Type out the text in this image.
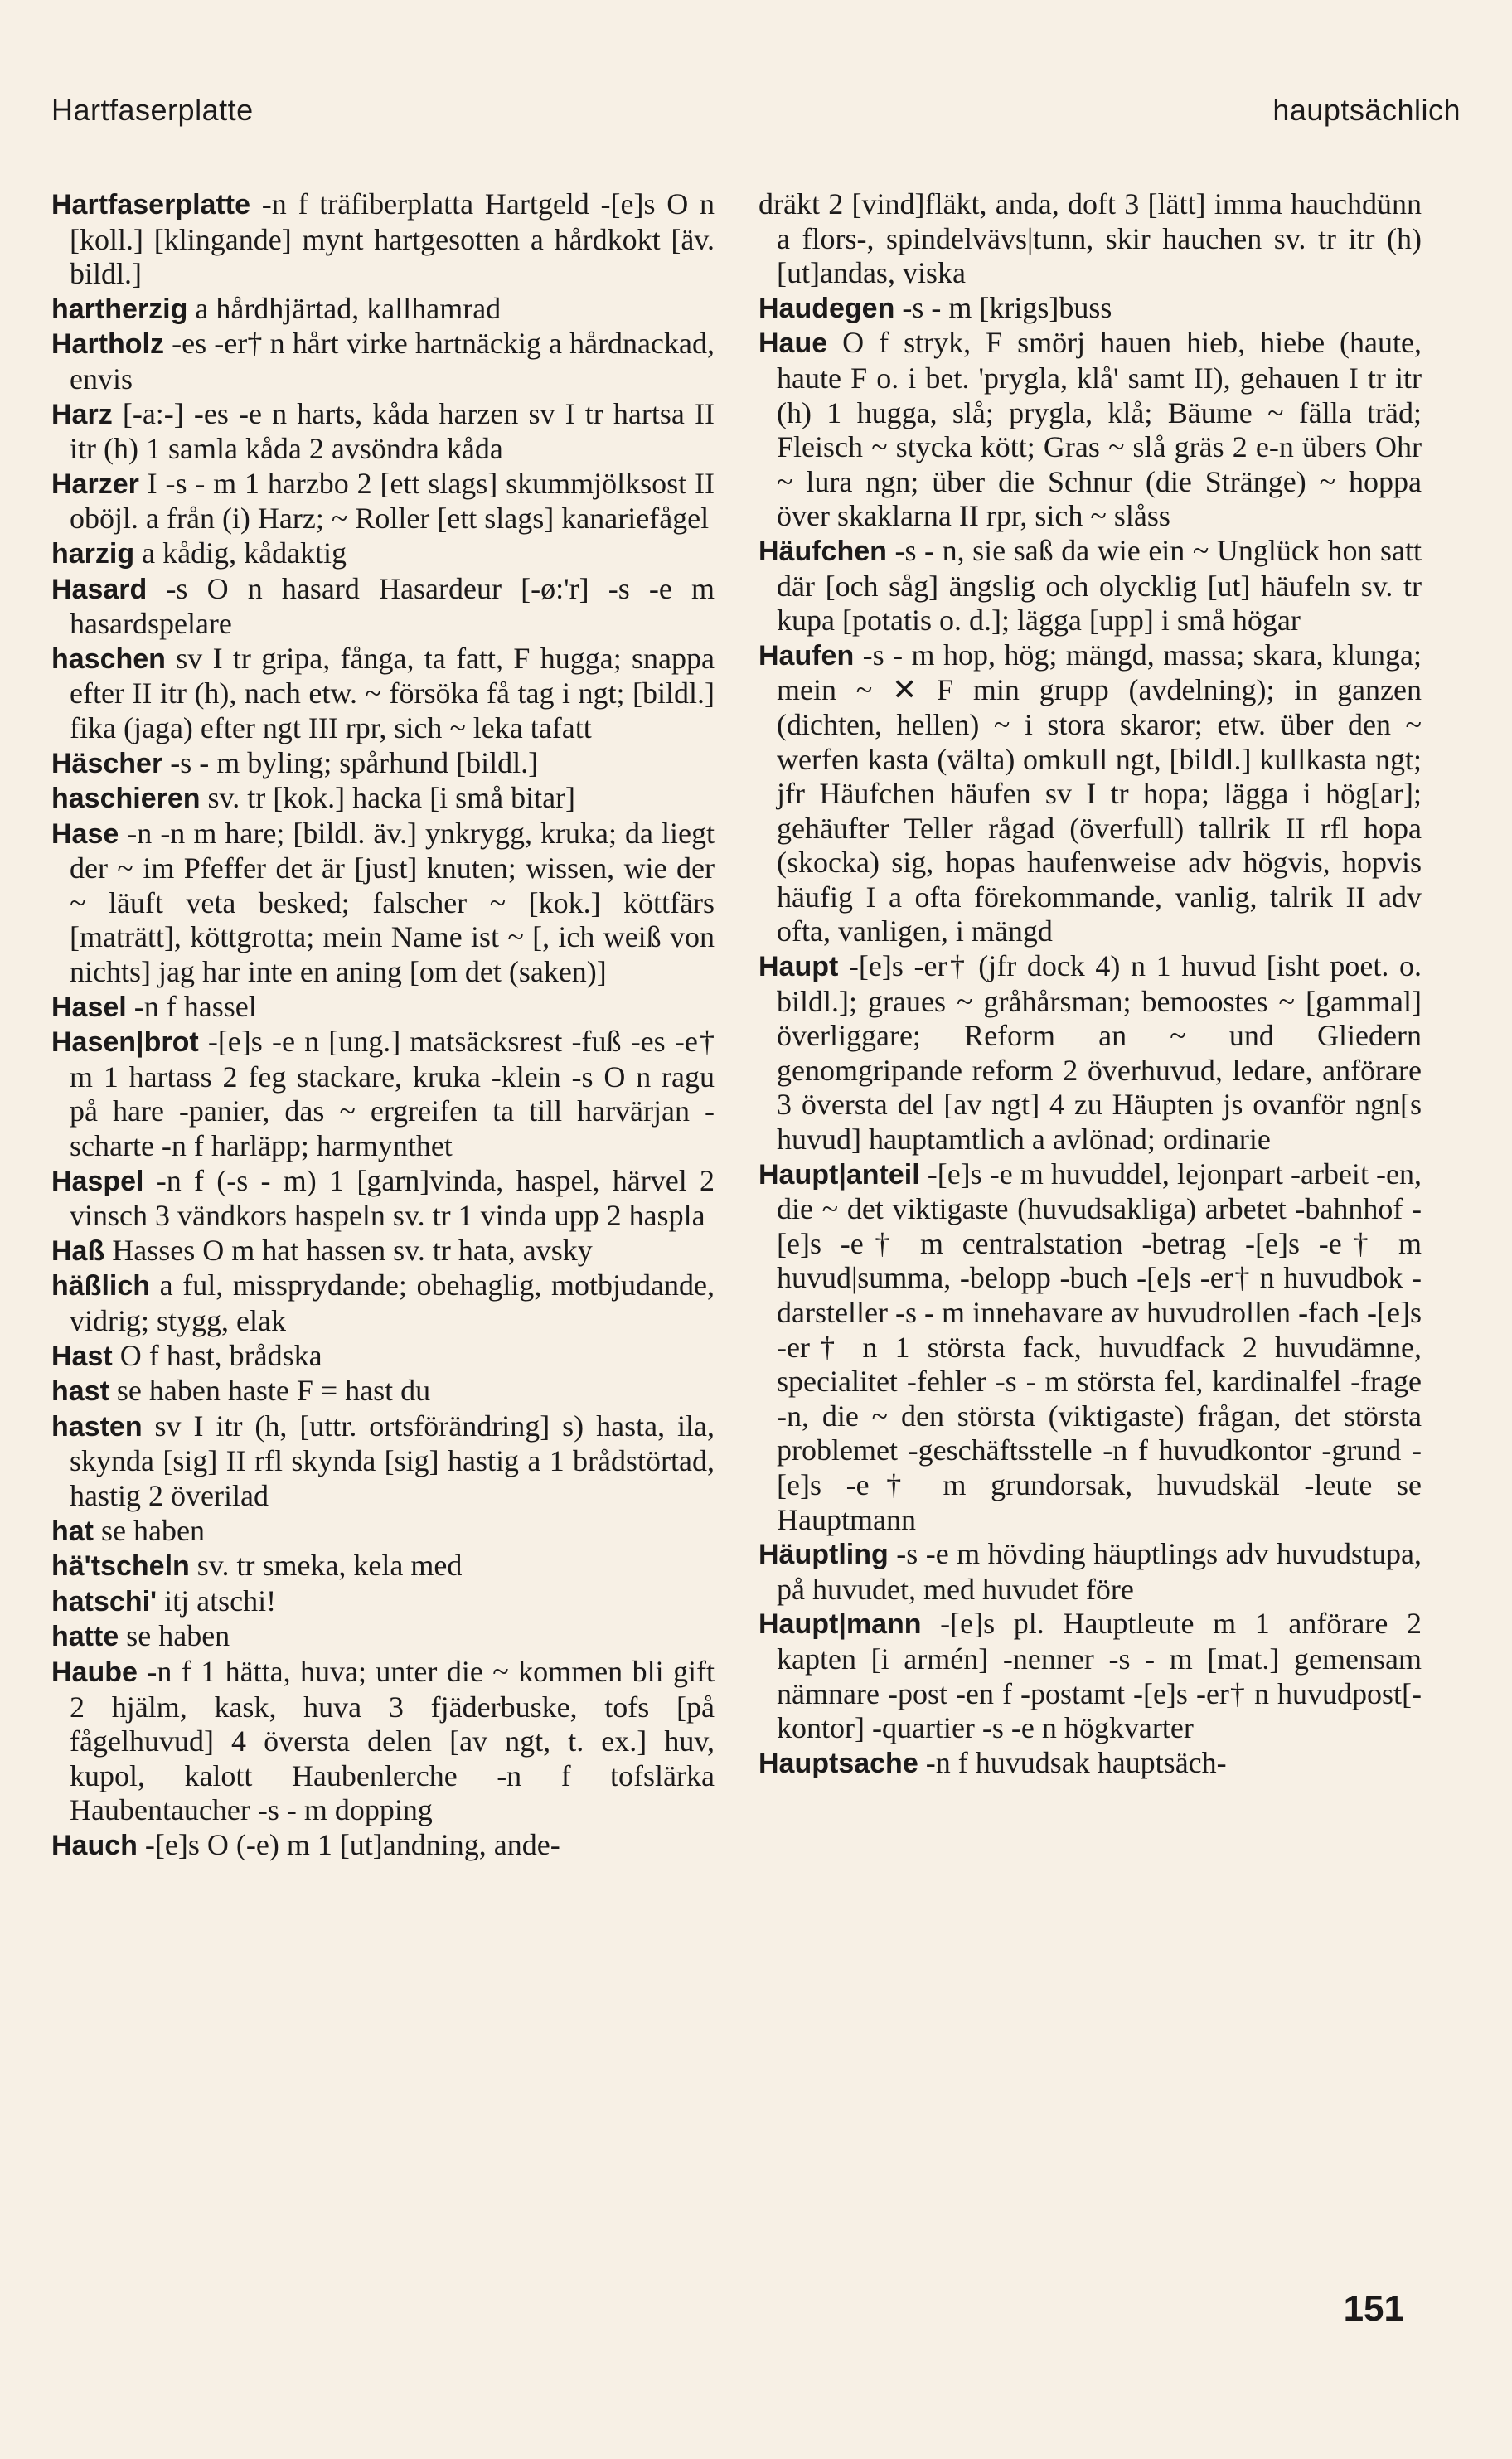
Hartfaserplatte	hauptsächlich

Hartfaserplatte -n f träfiberplatta Hartgeld -[e]s O n [koll.] [klingande] mynt hartgesotten a hårdkokt [äv. bildl.]

hartherzig a hårdhjärtad, kallhamrad

Hartholz -es -er† n hårt virke hartnäckig a hårdnackad, envis

Harz [-a:-] -es -e n harts, kåda harzen sv I tr hartsa II itr (h) 1 samla kåda 2 avsöndra kåda

Harzer I -s - m 1 harzbo 2 [ett slags] skummjölksost II oböjl. a från (i) Harz; ~ Roller [ett slags] kanariefågel

harzig a kådig, kådaktig

Hasard -s O n hasard Hasardeur [-ø:'r] -s -e m hasardspelare

haschen sv I tr gripa, fånga, ta fatt, F hugga; snappa efter II itr (h), nach etw. ~ försöka få tag i ngt; [bildl.] fika (jaga) efter ngt III rpr, sich ~ leka tafatt

Häscher -s - m byling; spårhund [bildl.]

haschieren sv. tr [kok.] hacka [i små bitar]

Hase -n -n m hare; [bildl. äv.] ynkrygg, kruka; da liegt der ~ im Pfeffer det är [just] knuten; wissen, wie der ~ läuft veta besked; falscher ~ [kok.] köttfärs [maträtt], köttgrotta; mein Name ist ~ [, ich weiß von nichts] jag har inte en aning [om det (saken)]

Hasel -n f hassel

Hasen|brot -[e]s -e n [ung.] matsäcksrest -fuß -es -e† m 1 hartass 2 feg stackare, kruka -klein -s O n ragu på hare -panier, das ~ ergreifen ta till harvärjan -scharte -n f harläpp; harmynthet

Haspel -n f (-s - m) 1 [garn]vinda, haspel, härvel 2 vinsch 3 vändkors haspeln sv. tr 1 vinda upp 2 haspla

Haß Hasses O m hat hassen sv. tr hata, avsky

häßlich a ful, missprydande; obehaglig, motbjudande, vidrig; stygg, elak

Hast O f hast, brådska

hast se haben haste F = hast du

hasten sv I itr (h, [uttr. ortsförändring] s) hasta, ila, skynda [sig] II rfl skynda [sig] hastig a 1 brådstörtad, hastig 2 överilad

hat se haben

hä'tscheln sv. tr smeka, kela med

hatschi' itj atschi!

hatte se haben

Haube -n f 1 hätta, huva; unter die ~ kommen bli gift 2 hjälm, kask, huva 3 fjäderbuske, tofs [på fågelhuvud] 4 översta delen [av ngt, t. ex.] huv, kupol, kalott Haubenlerche -n f tofslärka Haubentaucher -s - m dopping

Hauch -[e]s O (-e) m 1 [ut]andning, ande-

dräkt 2 [vind]fläkt, anda, doft 3 [lätt] imma hauchdünn a flors-, spindelvävs|tunn, skir hauchen sv. tr itr (h) [ut]andas, viska

Haudegen -s - m [krigs]buss

Haue O f stryk, F smörj hauen hieb, hiebe (haute, haute F o. i bet. 'prygla, klå' samt II), gehauen I tr itr (h) 1 hugga, slå; prygla, klå; Bäume ~ fälla träd; Fleisch ~ stycka kött; Gras ~ slå gräs 2 e-n übers Ohr ~ lura ngn; über die Schnur (die Stränge) ~ hoppa över skaklarna II rpr, sich ~ slåss

Häufchen -s - n, sie saß da wie ein ~ Unglück hon satt där [och såg] ängslig och olycklig [ut] häufeln sv. tr kupa [potatis o. d.]; lägga [upp] i små högar

Haufen -s - m hop, hög; mängd, massa; skara, klunga; mein ~ ✕ F min grupp (avdelning); in ganzen (dichten, hellen) ~ i stora skaror; etw. über den ~ werfen kasta (välta) omkull ngt, [bildl.] kullkasta ngt; jfr Häufchen häufen sv I tr hopa; lägga i hög[ar]; gehäufter Teller rågad (överfull) tallrik II rfl hopa (skocka) sig, hopas haufenweise adv högvis, hopvis häufig I a ofta förekommande, vanlig, talrik II adv ofta, vanligen, i mängd

Haupt -[e]s -er† (jfr dock 4) n 1 huvud [isht poet. o. bildl.]; graues ~ gråhårsman; bemoostes ~ [gammal] överliggare; Reform an ~ und Gliedern genomgripande reform 2 överhuvud, ledare, anförare 3 översta del [av ngt] 4 zu Häupten js ovanför ngn[s huvud] hauptamtlich a avlönad; ordinarie

Haupt|anteil -[e]s -e m huvuddel, lejonpart -arbeit -en, die ~ det viktigaste (huvudsakliga) arbetet -bahnhof -[e]s -e† m centralstation -betrag -[e]s -e† m huvud|summa, -belopp -buch -[e]s -er† n huvudbok -darsteller -s - m innehavare av huvudrollen -fach -[e]s -er† n 1 största fack, huvudfack 2 huvudämne, specialitet -fehler -s - m största fel, kardinalfel -frage -n, die ~ den största (viktigaste) frågan, det största problemet -geschäftsstelle -n f huvudkontor -grund -[e]s -e† m grundorsak, huvudskäl -leute se Hauptmann

Häuptling -s -e m hövding häuptlings adv huvudstupa, på huvudet, med huvudet före

Haupt|mann -[e]s pl. Hauptleute m 1 anförare 2 kapten [i armén] -nenner -s - m [mat.] gemensam nämnare -post -en f -postamt -[e]s -er† n huvudpost[-kontor] -quartier -s -e n högkvarter

Hauptsache -n f huvudsak hauptsäch-

151
